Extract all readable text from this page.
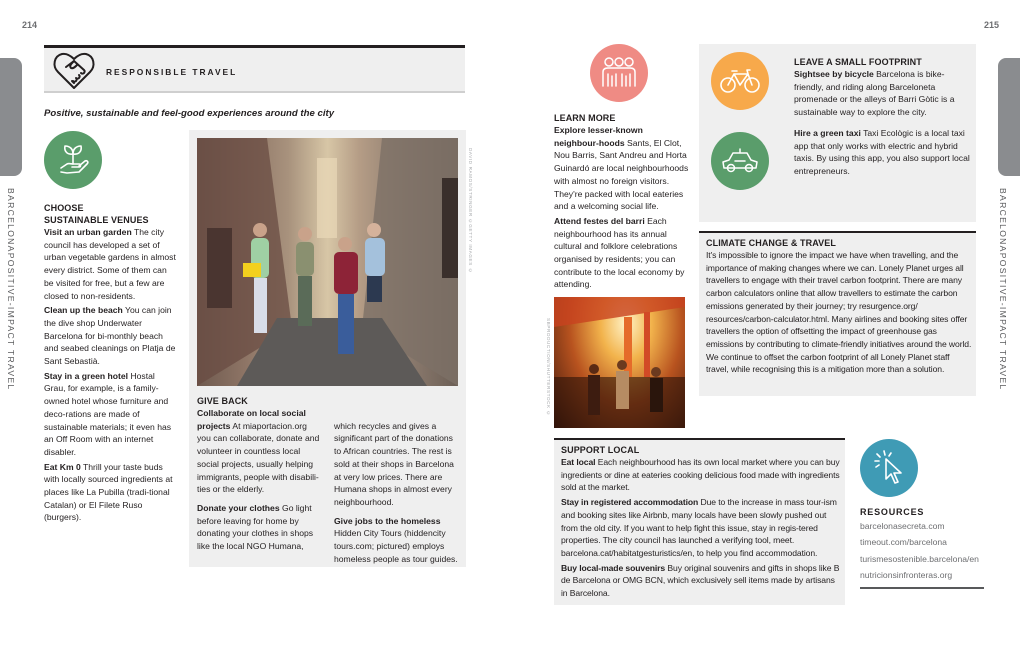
214
BARCELONAPOSITIVE-IMPACT TRAVEL
RESPONSIBLE TRAVEL
Positive, sustainable and feel-good experiences around the city
CHOOSE
SUSTAINABLE VENUES

Visit an urban garden The city council has developed a set of urban vegetable gardens in almost every district. Some of them can be visited for free, but a few are closed to non-residents.

Clean up the beach You can join the dive shop Underwater Barcelona for bi-monthly beach and seabed cleanings on Platja de Sant Sebastià.

Stay in a green hotel Hostal Grau, for example, is a family-owned hotel whose furniture and deco-rations are made of sustainable materials; it even has an Off Room with an internet disabler.

Eat Km 0 Thrill your taste buds with locally sourced ingredients at places like La Pubilla (tradi-tional Catalan) or El Filete Ruso (burgers).

DAVID RAMOS/STRINGER ©GETTY IMAGES ©
GIVE BACK

Collaborate on local social projects At miaportacion.org you can collaborate, donate and volunteer in countless local social projects, usually helping immigrants, people with disabili-ties or the elderly.

Donate your clothes Go light before leaving for home by donating your clothes in shops like the local NGO Humana,

which recycles and gives a significant part of the donations to African countries. The rest is sold at their shops in Barcelona at very low prices. There are Humana shops in almost every neighbourhood.

Give jobs to the homeless Hidden City Tours (hiddencity tours.com; pictured) employs homeless people as tour guides.

215
BARCELONAPOSITIVE-IMPACT TRAVEL
LEARN MORE

Explore lesser-known neighbour-hoods Sants, El Clot, Nou Barris, Sant Andreu and Horta Guinardó are local neighbourhoods with almost no foreign visitors. They're packed with local eateries and a welcoming social life.

Attend festes del barri Each neighbourhood has its annual cultural and folklore celebrations organised by residents; you can contribute to the local economy by attending.

SBPRODUCTION/SHUTTERSTOCK ©
LEAVE A SMALL FOOTPRINT

Sightsee by bicycle Barcelona is bike-friendly, and riding along Barceloneta promenade or the alleys of Barri Gòtic is a sustainable way to explore the city.

Hire a green taxi Taxi Ecològic is a local taxi app that only works with electric and hybrid taxis. By using this app, you also support local entrepreneurs.

CLIMATE CHANGE & TRAVEL
It's impossible to ignore the impact we have when travelling, and the importance of making changes where we can. Lonely Planet urges all travellers to engage with their travel carbon footprint. There are many carbon calculators online that allow travellers to estimate the carbon emissions generated by their journey; try resurgence.org/ resources/carbon-calculator.html. Many airlines and booking sites offer travellers the option of offsetting the impact of greenhouse gas emissions by contributing to climate-friendly initiatives around the world. We continue to offset the carbon footprint of all Lonely Planet staff travel, while recognising this is a mitigation more than a solution.
SUPPORT LOCAL

Eat local Each neighbourhood has its own local market where you can buy ingredients or dine at eateries cooking delicious food made with ingredients sold at the market.

Stay in registered accommodation Due to the increase in mass tour-ism and booking sites like Airbnb, many locals have been slowly pushed out from the old city. If you want to help fight this issue, stay in regis-tered properties. The city council has launched a verifying tool, meet. barcelona.cat/habitatgesturistics/en, to help you find accommodation.

Buy local-made souvenirs Buy original souvenirs and gifts in shops like B de Barcelona or OMG BCN, which exclusively sell items made by artisans in Barcelona.

RESOURCES
barcelonasecreta.com
timeout.com/barcelona
turismesostenible.barcelona/en
nutricionsinfronteras.org
